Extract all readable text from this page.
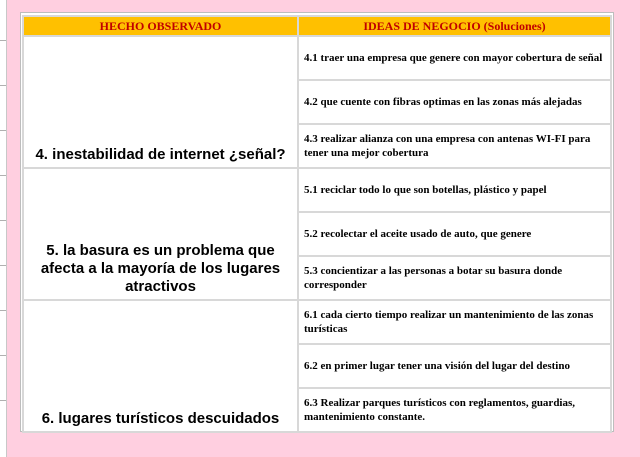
HECHO OBSERVADO	IDEAS DE NEGOCIO (Soluciones)
4. inestabilidad de internet ¿señal?	4.1 traer una empresa que genere con mayor cobertura de señal
	4.2 que cuente con fibras optimas en las zonas más alejadas
	4.3 realizar alianza con una empresa con antenas WI-FI para tener una mejor cobertura
5. la basura es un problema que afecta a la mayoría de los lugares atractivos	5.1 reciclar todo lo que son botellas, plástico y papel
	5.2 recolectar el aceite usado de auto, que genere
	5.3 concientizar a las personas a botar su basura donde corresponder
6. lugares turísticos descuidados	6.1 cada cierto tiempo realizar un mantenimiento de las zonas turísticas
	6.2 en primer lugar tener una visión del lugar del destino
	6.3 Realizar parques turísticos con reglamentos, guardias, mantenimiento constante.
